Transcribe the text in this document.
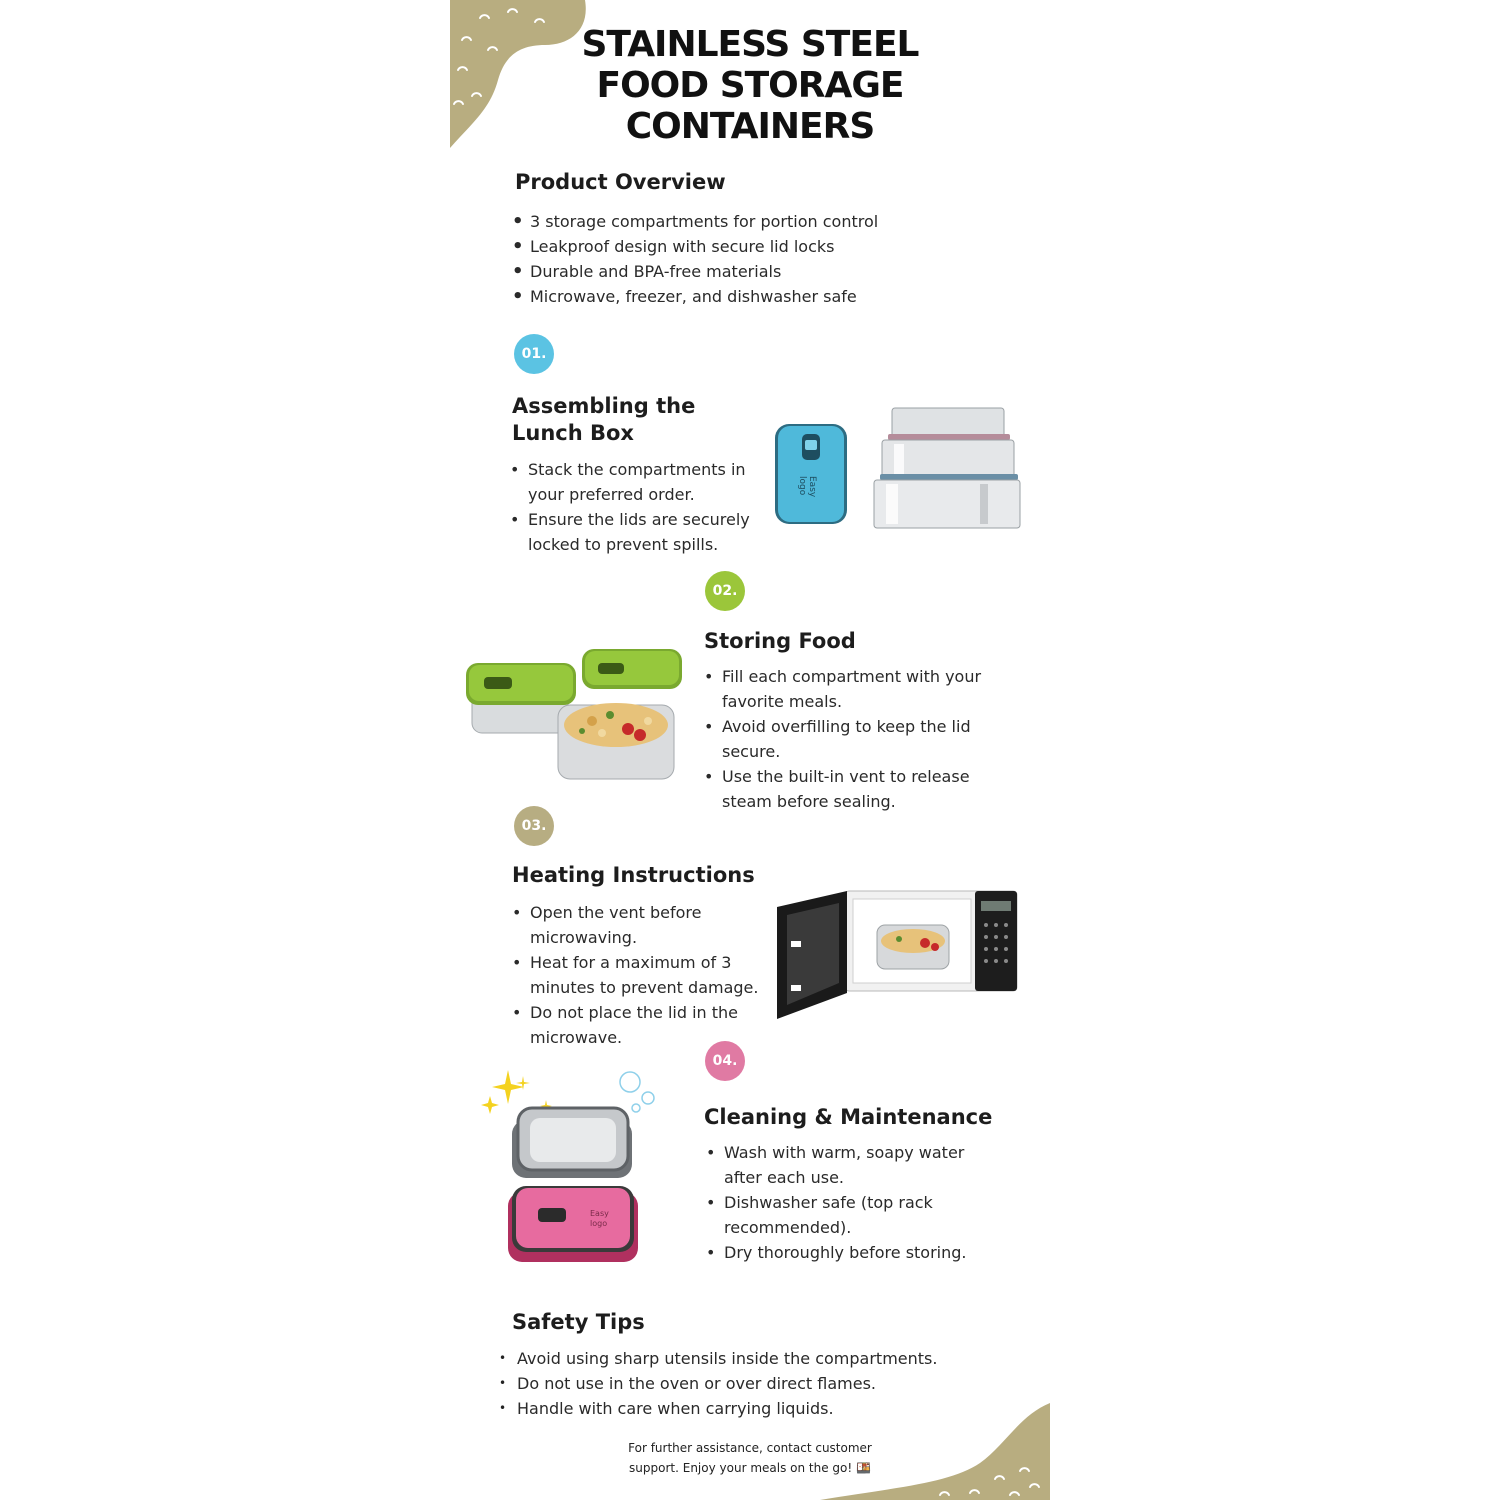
STAINLESS STEEL
FOOD STORAGE
CONTAINERS
Product Overview
• 3 storage compartments for portion control
• Leakproof design with secure lid locks
• Durable and BPA-free materials
• Microwave, freezer, and dishwasher safe
01.
Assembling the Lunch Box
• Stack the compartments in your preferred order.
• Ensure the lids are securely locked to prevent spills.
Easy
logo
02.
Storing Food
• Fill each compartment with your favorite meals.
• Avoid overfilling to keep the lid secure.
• Use the built-in vent to release steam before sealing.
03.
Heating Instructions
• Open the vent before microwaving.
• Heat for a maximum of 3 minutes to prevent damage.
• Do not place the lid in the microwave.
04.
Cleaning & Maintenance
• Wash with warm, soapy water after each use.
• Dishwasher safe (top rack recommended).
• Dry thoroughly before storing.
Easy
logo
Safety Tips
• Avoid using sharp utensils inside the compartments.
• Do not use in the oven or over direct flames.
• Handle with care when carrying liquids.
For further assistance, contact customer
support. Enjoy your meals on the go! 🍱
